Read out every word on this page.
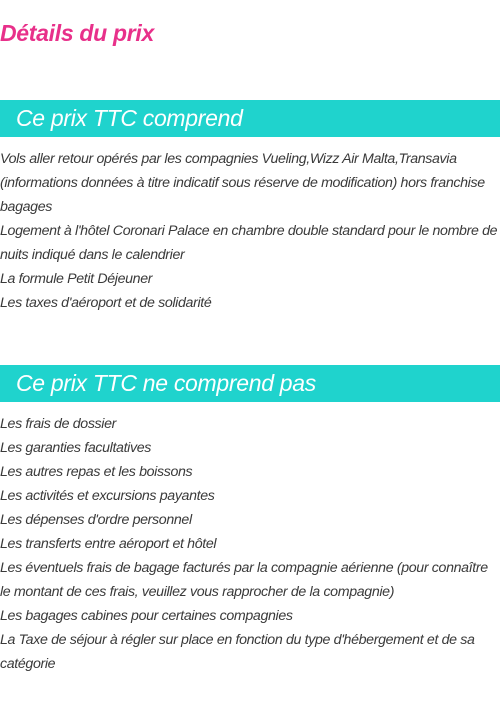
Détails du prix
Ce prix TTC comprend
Vols aller retour opérés par les compagnies Vueling,Wizz Air Malta,Transavia (informations données à titre indicatif sous réserve de modification) hors franchise bagages
Logement à l'hôtel Coronari Palace en chambre double standard pour le nombre de nuits indiqué dans le calendrier
La formule Petit Déjeuner
Les taxes d'aéroport et de solidarité
Ce prix TTC ne comprend pas
Les frais de dossier
Les garanties facultatives
Les autres repas et les boissons
Les activités et excursions payantes
Les dépenses d'ordre personnel
Les transferts entre aéroport et hôtel
Les éventuels frais de bagage facturés par la compagnie aérienne (pour connaître le montant de ces frais, veuillez vous rapprocher de la compagnie)
Les bagages cabines pour certaines compagnies
La Taxe de séjour à régler sur place en fonction du type d'hébergement et de sa catégorie
